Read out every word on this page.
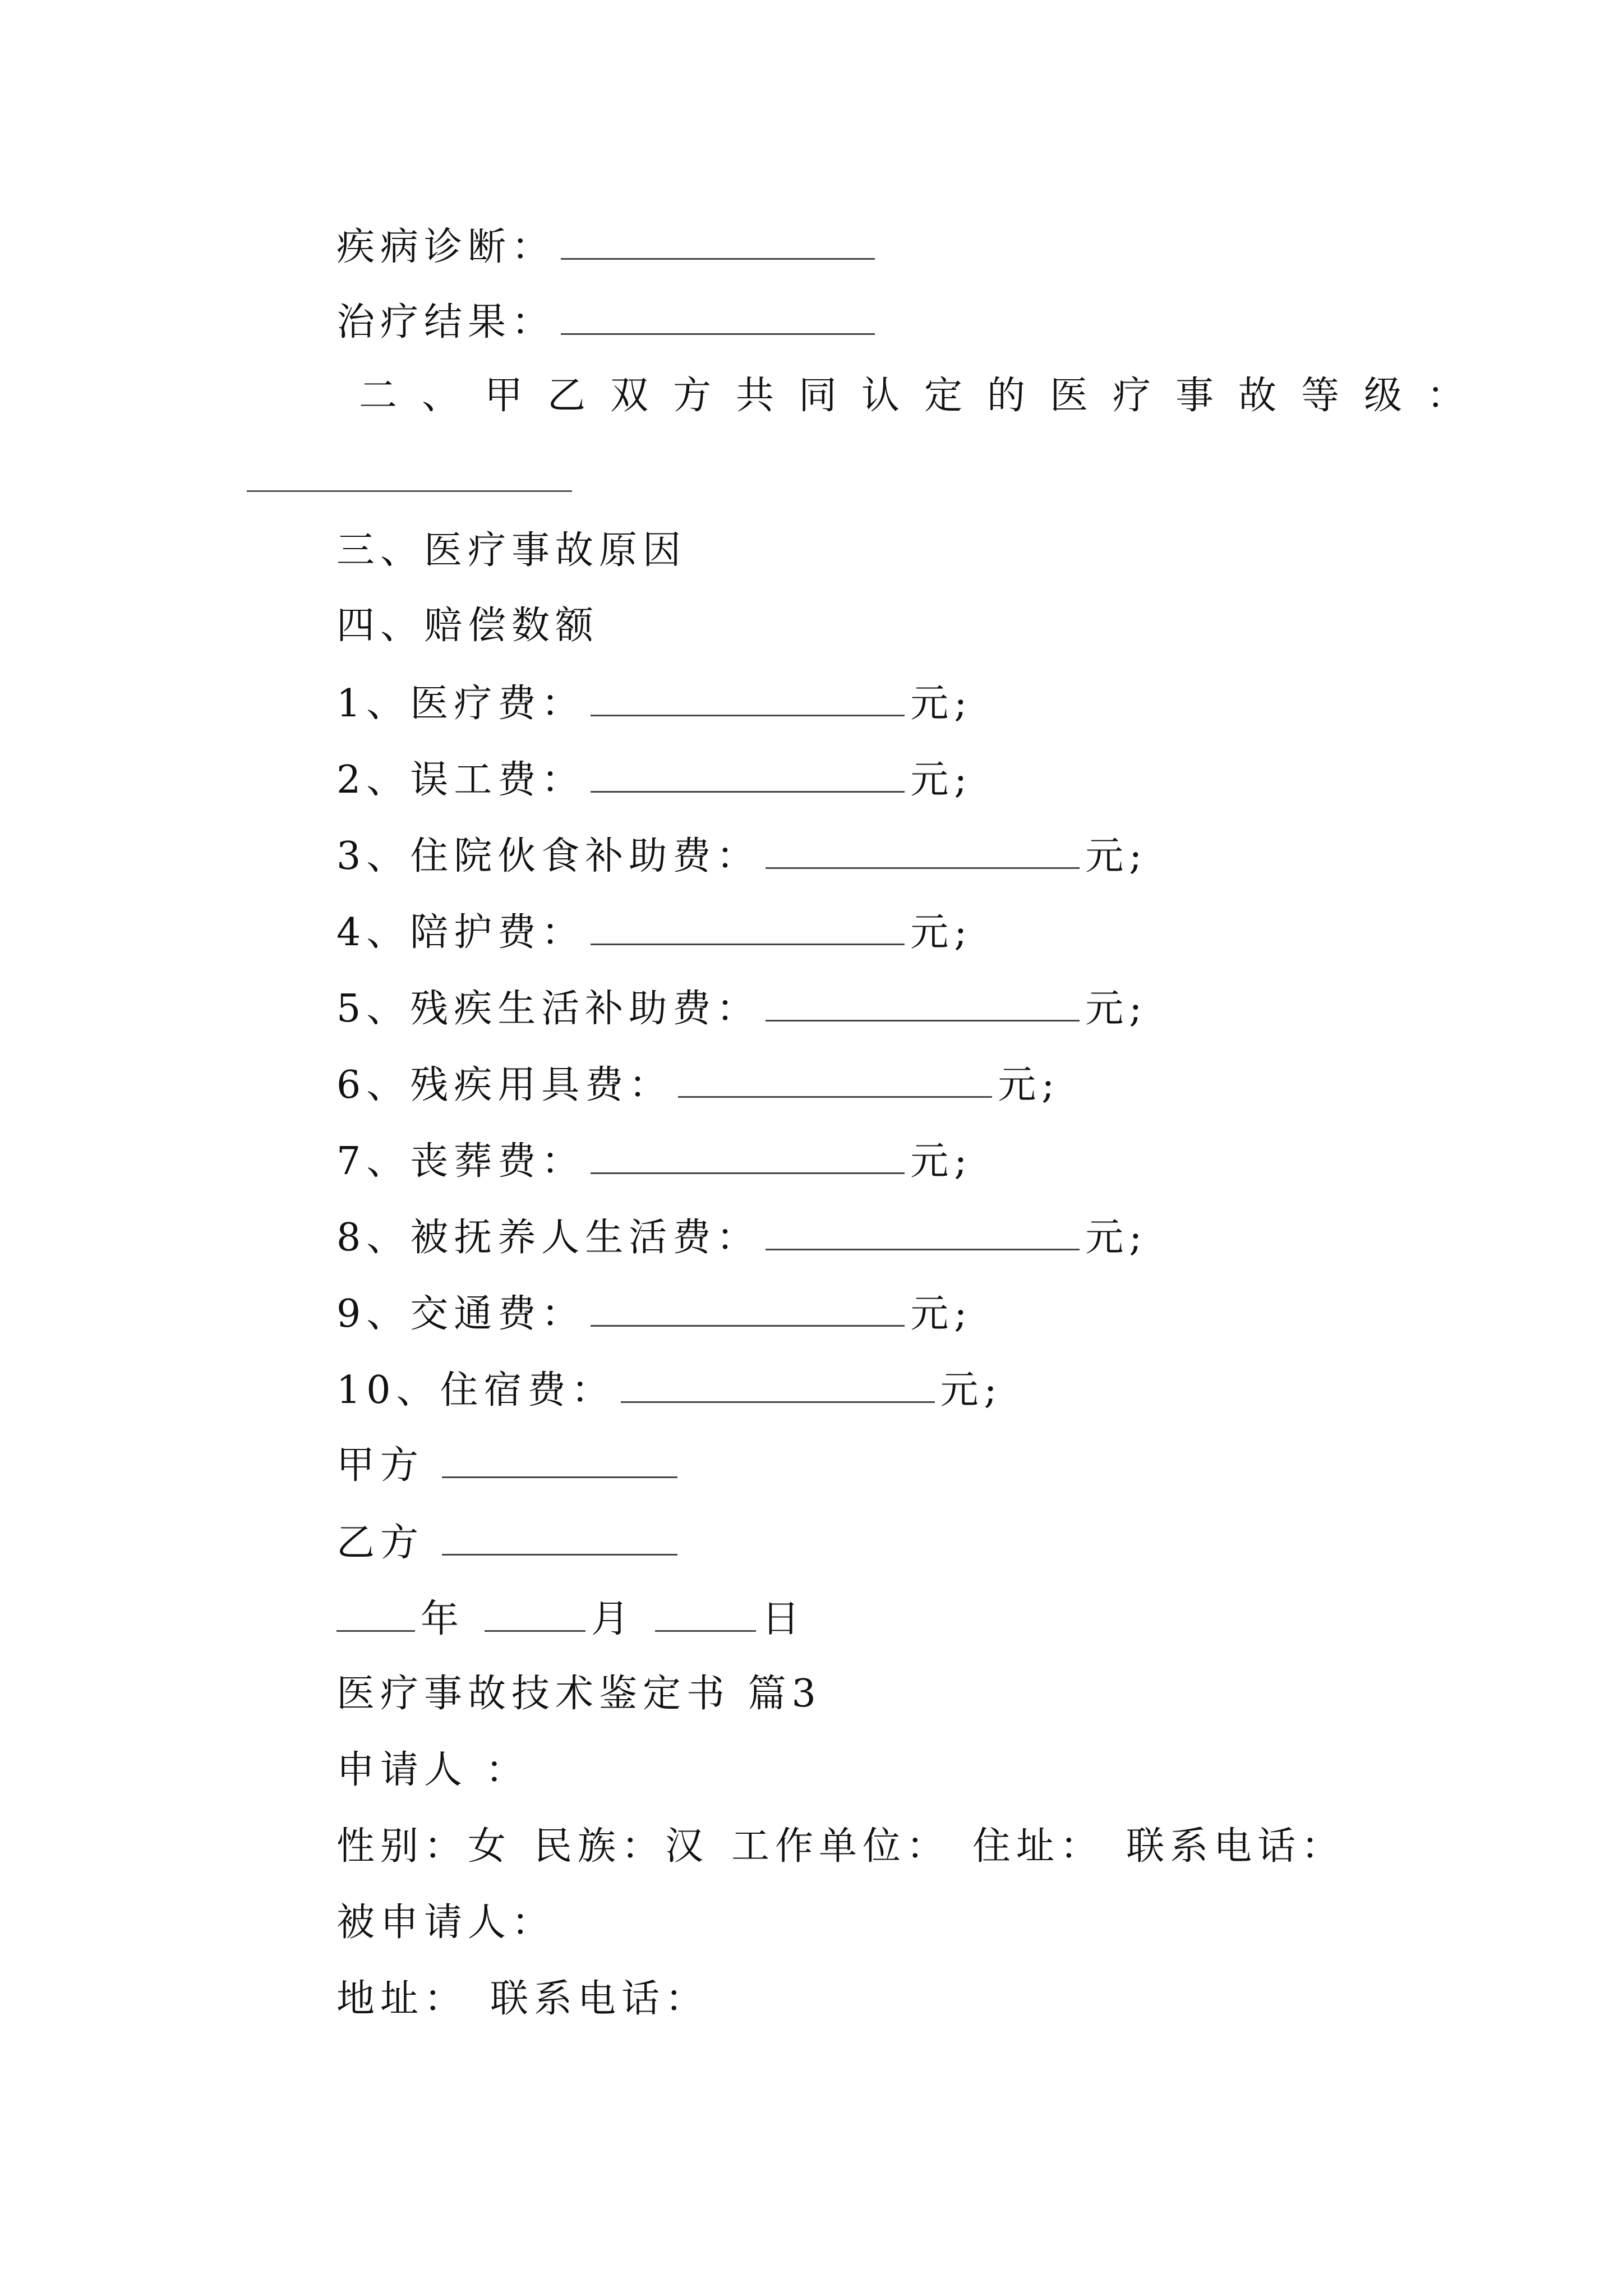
疾病诊断：
治疗结果：
二、甲乙双方共同认定的医疗事故等级：
三、医疗事故原因
四、赔偿数额
1、医疗费：	元;
2、误工费：	元;
3、住院伙食补助费：	元;
4、陪护费：	元;
5、残疾生活补助费：	元;
6、残疾用具费：	元;
7、丧葬费：	元;
8、被抚养人生活费：	元;
9、交通费：	元;
10、住宿费：	元;
甲方
乙方
年	月	日
医疗事故技术鉴定书 篇3
申请人 ：
性别：女 民族：汉 工作单位： 住址： 联系电话：
被申请人：
地址： 联系电话：
